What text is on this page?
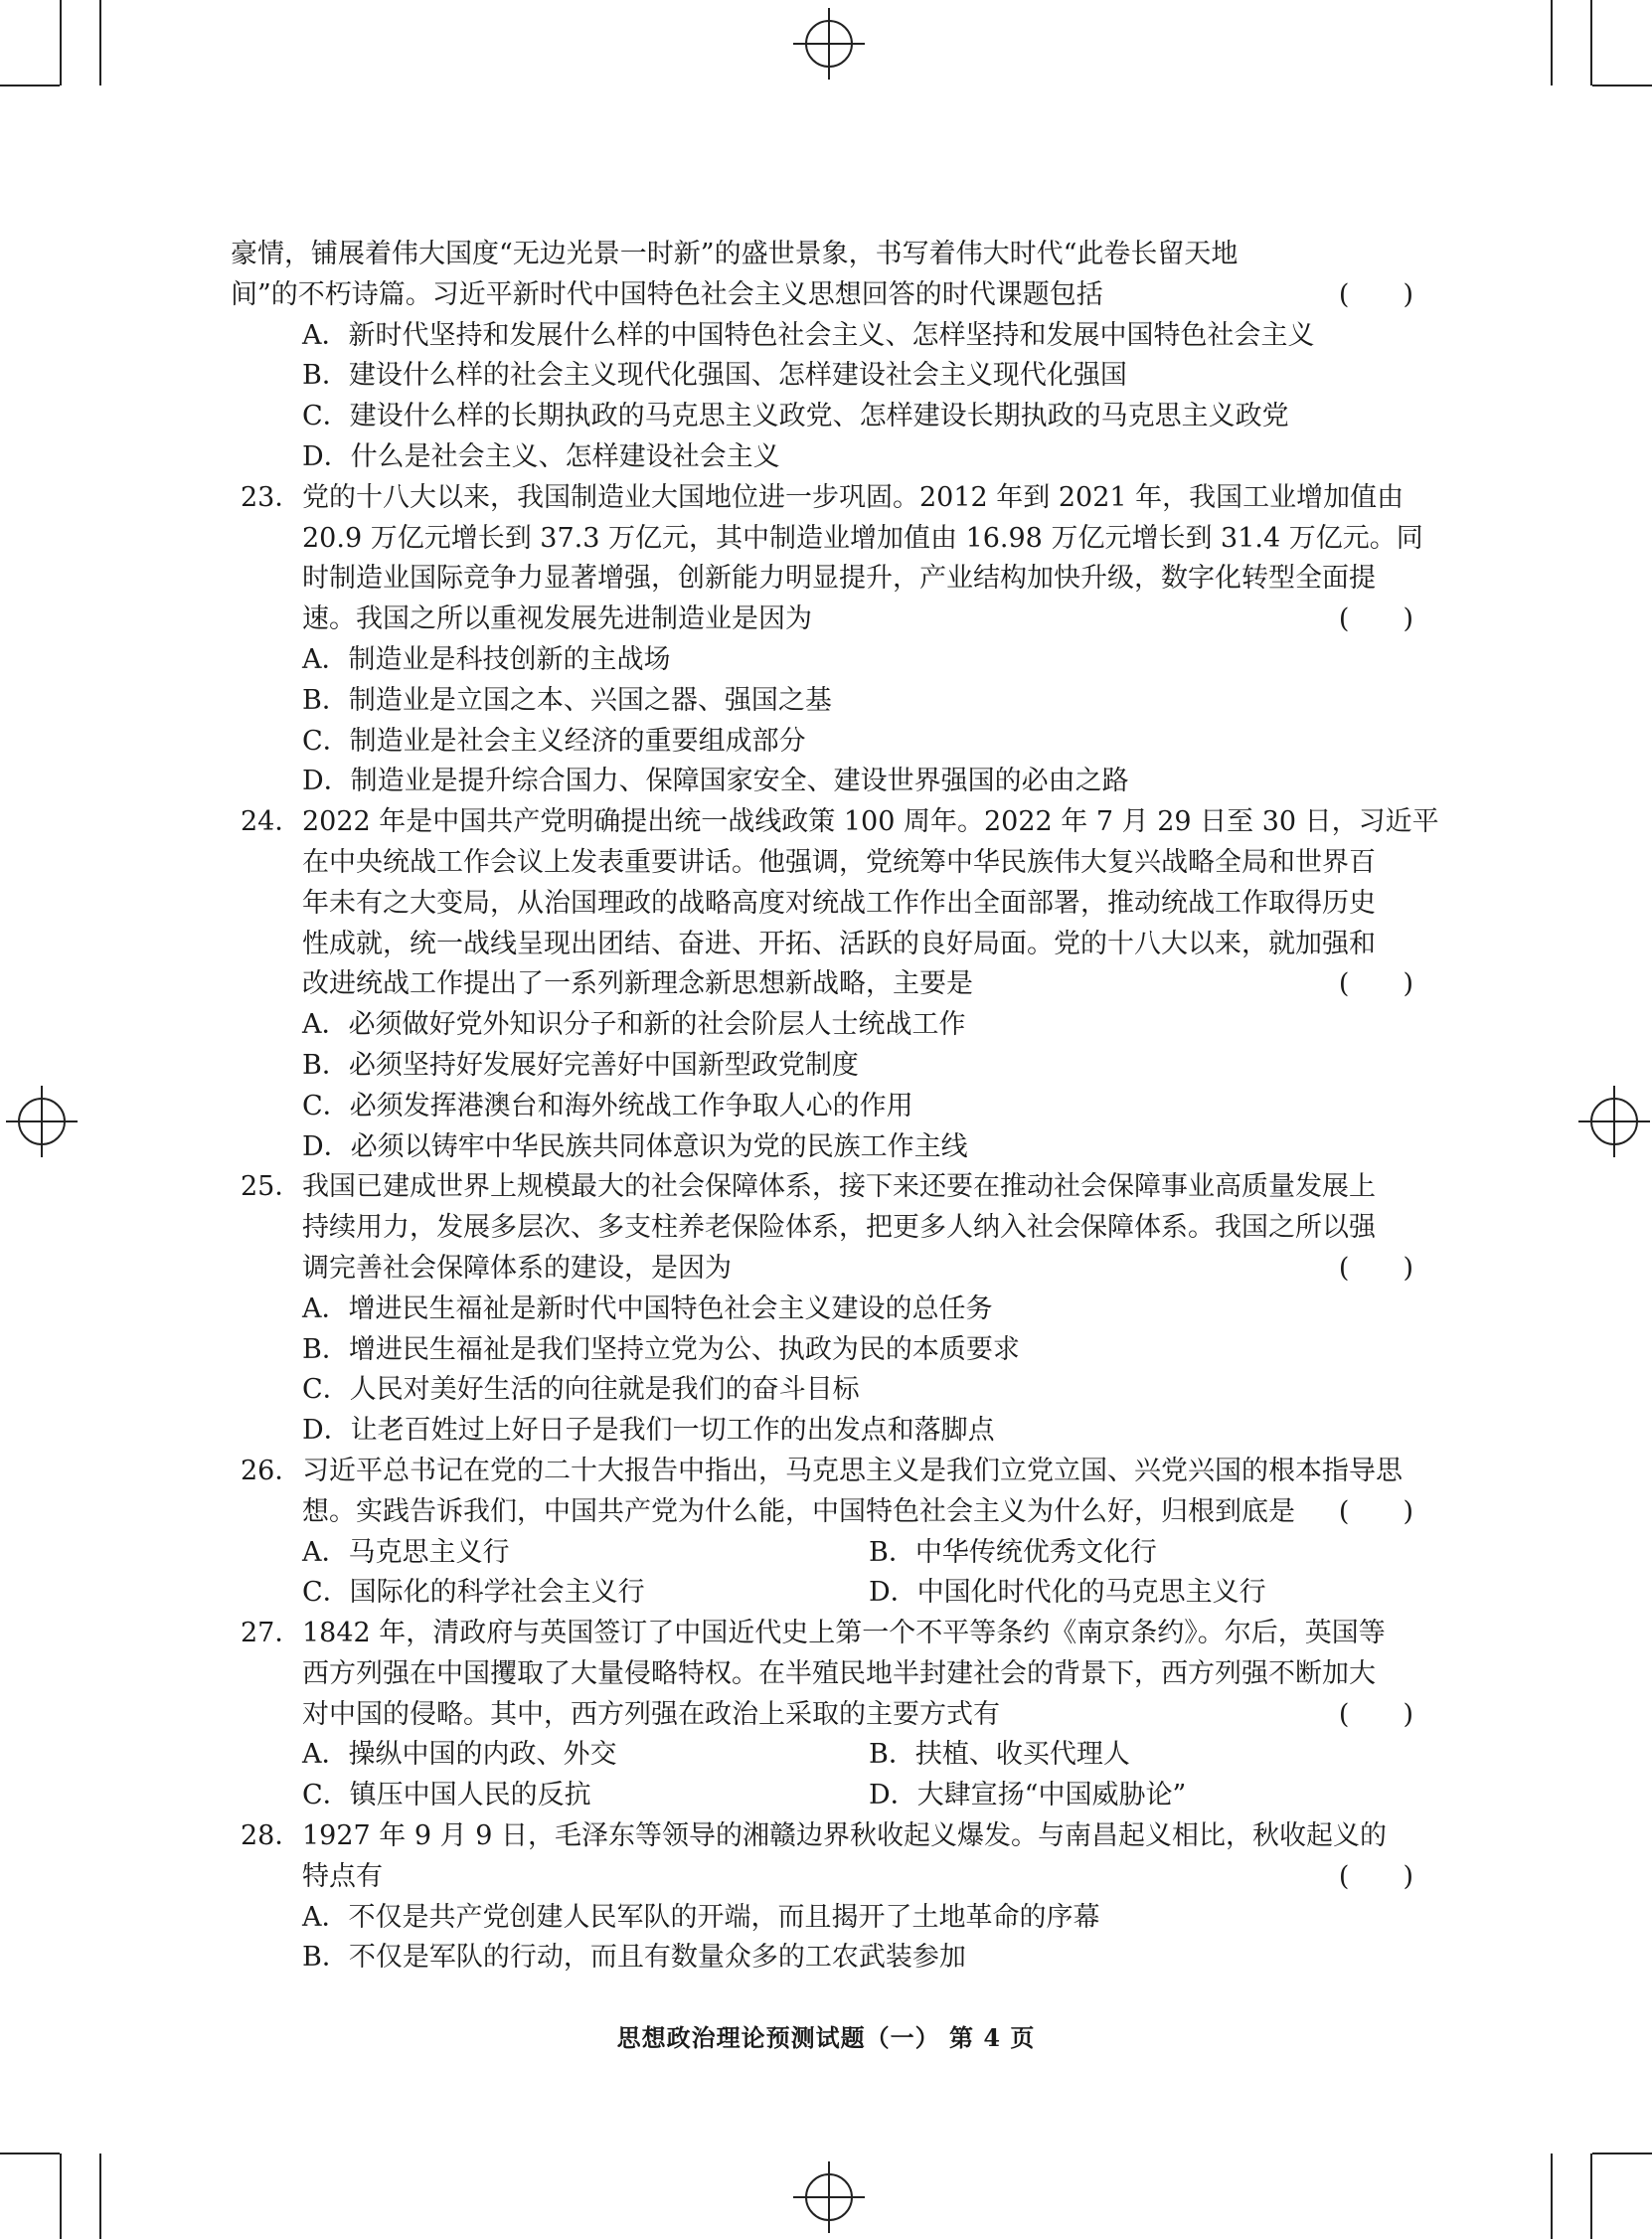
豪情，铺展着伟大国度“无边光景一时新”的盛世景象，书写着伟大时代“此卷长留天地
间”的不朽诗篇。习近平新时代中国特色社会主义思想回答的时代课题包括	(　　)
A．新时代坚持和发展什么样的中国特色社会主义、怎样坚持和发展中国特色社会主义
B．建设什么样的社会主义现代化强国、怎样建设社会主义现代化强国
C．建设什么样的长期执政的马克思主义政党、怎样建设长期执政的马克思主义政党
D．什么是社会主义、怎样建设社会主义
23． 党的十八大以来，我国制造业大国地位进一步巩固。2012 年到 2021 年，我国工业增加值由
20.9 万亿元增长到 37.3 万亿元，其中制造业增加值由 16.98 万亿元增长到 31.4 万亿元。同
时制造业国际竞争力显著增强，创新能力明显提升，产业结构加快升级，数字化转型全面提
速。我国之所以重视发展先进制造业是因为	(　　)
A．制造业是科技创新的主战场
B．制造业是立国之本、兴国之器、强国之基
C．制造业是社会主义经济的重要组成部分
D．制造业是提升综合国力、保障国家安全、建设世界强国的必由之路
24． 2022 年是中国共产党明确提出统一战线政策 100 周年。2022 年 7 月 29 日至 30 日，习近平
在中央统战工作会议上发表重要讲话。他强调，党统筹中华民族伟大复兴战略全局和世界百
年未有之大变局，从治国理政的战略高度对统战工作作出全面部署，推动统战工作取得历史
性成就，统一战线呈现出团结、奋进、开拓、活跃的良好局面。党的十八大以来，就加强和
改进统战工作提出了一系列新理念新思想新战略，主要是	(　　)
A．必须做好党外知识分子和新的社会阶层人士统战工作
B．必须坚持好发展好完善好中国新型政党制度
C．必须发挥港澳台和海外统战工作争取人心的作用
D．必须以铸牢中华民族共同体意识为党的民族工作主线
25． 我国已建成世界上规模最大的社会保障体系，接下来还要在推动社会保障事业高质量发展上
持续用力，发展多层次、多支柱养老保险体系，把更多人纳入社会保障体系。我国之所以强
调完善社会保障体系的建设，是因为	(　　)
A．增进民生福祉是新时代中国特色社会主义建设的总任务
B．增进民生福祉是我们坚持立党为公、执政为民的本质要求
C．人民对美好生活的向往就是我们的奋斗目标
D．让老百姓过上好日子是我们一切工作的出发点和落脚点
26． 习近平总书记在党的二十大报告中指出，马克思主义是我们立党立国、兴党兴国的根本指导思
想。实践告诉我们，中国共产党为什么能，中国特色社会主义为什么好，归根到底是 (　　)
A．马克思主义行	B．中华传统优秀文化行
C．国际化的科学社会主义行	D．中国化时代化的马克思主义行
27． 1842 年，清政府与英国签订了中国近代史上第一个不平等条约《南京条约》。尔后，英国等
西方列强在中国攫取了大量侵略特权。在半殖民地半封建社会的背景下，西方列强不断加大
对中国的侵略。其中，西方列强在政治上采取的主要方式有	(　　)
A．操纵中国的内政、外交	B．扶植、收买代理人
C．镇压中国人民的反抗	D．大肆宣扬“中国威胁论”
28． 1927 年 9 月 9 日，毛泽东等领导的湘赣边界秋收起义爆发。与南昌起义相比，秋收起义的
特点有	(　　)
A．不仅是共产党创建人民军队的开端，而且揭开了土地革命的序幕
B．不仅是军队的行动，而且有数量众多的工农武装参加
思想政治理论预测试题（一） 第 4 页
